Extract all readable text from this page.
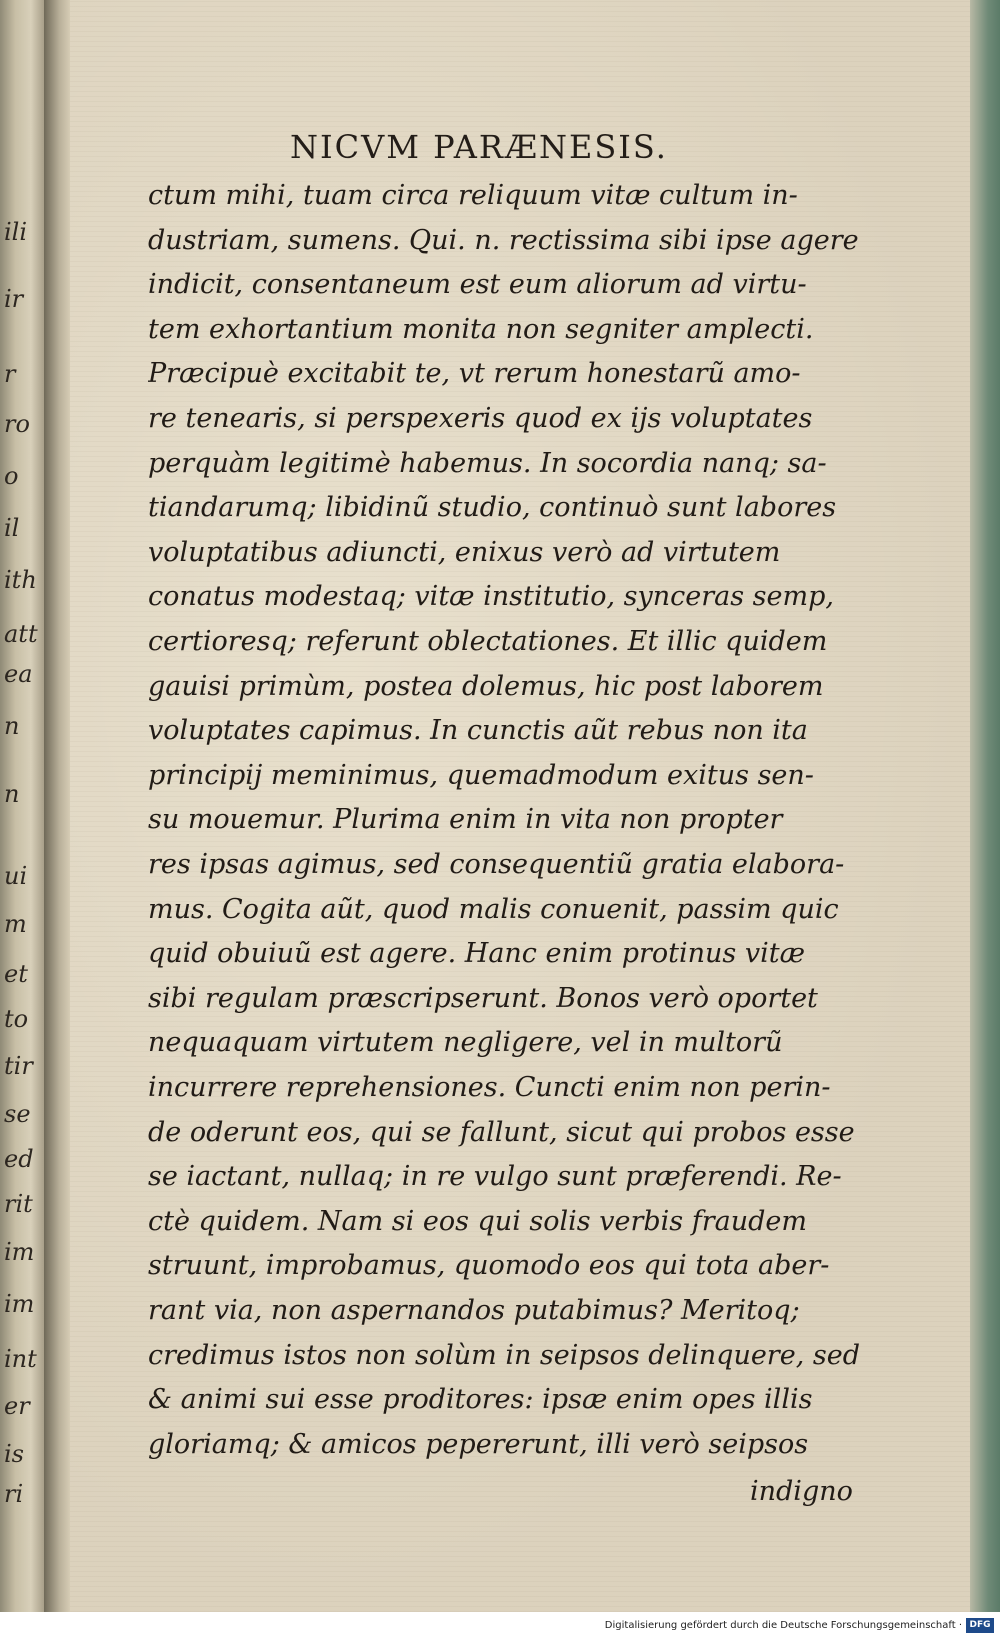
ili
ir
r
ro
o
il
ith
att
ea
n
n
ui
m
et
to
tir
se
ed
rit
im
im
int
er
is
ri
NICVM PARÆNESIS.
ctum mihi, tuam circa reliquum vitæ cultum in-
dustriam, sumens. Qui. n. rectissima sibi ipse agere
indicit, consentaneum est eum aliorum ad virtu-
tem exhortantium monita non segniter amplecti.
Præcipuè excitabit te, vt rerum honestarũ amo-
re tenearis, si perspexeris quod ex ijs voluptates
perquàm legitimè habemus. In socordia nanq; sa-
tiandarumq; libidinũ studio, continuò sunt labores
voluptatibus adiuncti, enixus verò ad virtutem
conatus modestaq; vitæ institutio, synceras semp,
certioresq; referunt oblectationes. Et illic quidem
gauisi primùm, postea dolemus, hic post laborem
voluptates capimus. In cunctis aũt rebus non ita
principij meminimus, quemadmodum exitus sen-
su mouemur. Plurima enim in vita non propter
res ipsas agimus, sed consequentiũ gratia elabora-
mus. Cogita aũt, quod malis conuenit, passim quic
quid obuiuũ est agere. Hanc enim protinus vitæ
sibi regulam præscripserunt. Bonos verò oportet
nequaquam virtutem negligere, vel in multorũ
incurrere reprehensiones. Cuncti enim non perin-
de oderunt eos, qui se fallunt, sicut qui probos esse
se iactant, nullaq; in re vulgo sunt præferendi. Re-
ctè quidem. Nam si eos qui solis verbis fraudem
struunt, improbamus, quomodo eos qui tota aber-
rant via, non aspernandos putabimus? Meritoq;
credimus istos non solùm in seipsos delinquere, sed
& animi sui esse proditores: ipsæ enim opes illis
gloriamq; & amicos pepererunt, illi verò seipsos
indigno
Digitalisierung gefördert durch die Deutsche Forschungsgemeinschaft · DFG
